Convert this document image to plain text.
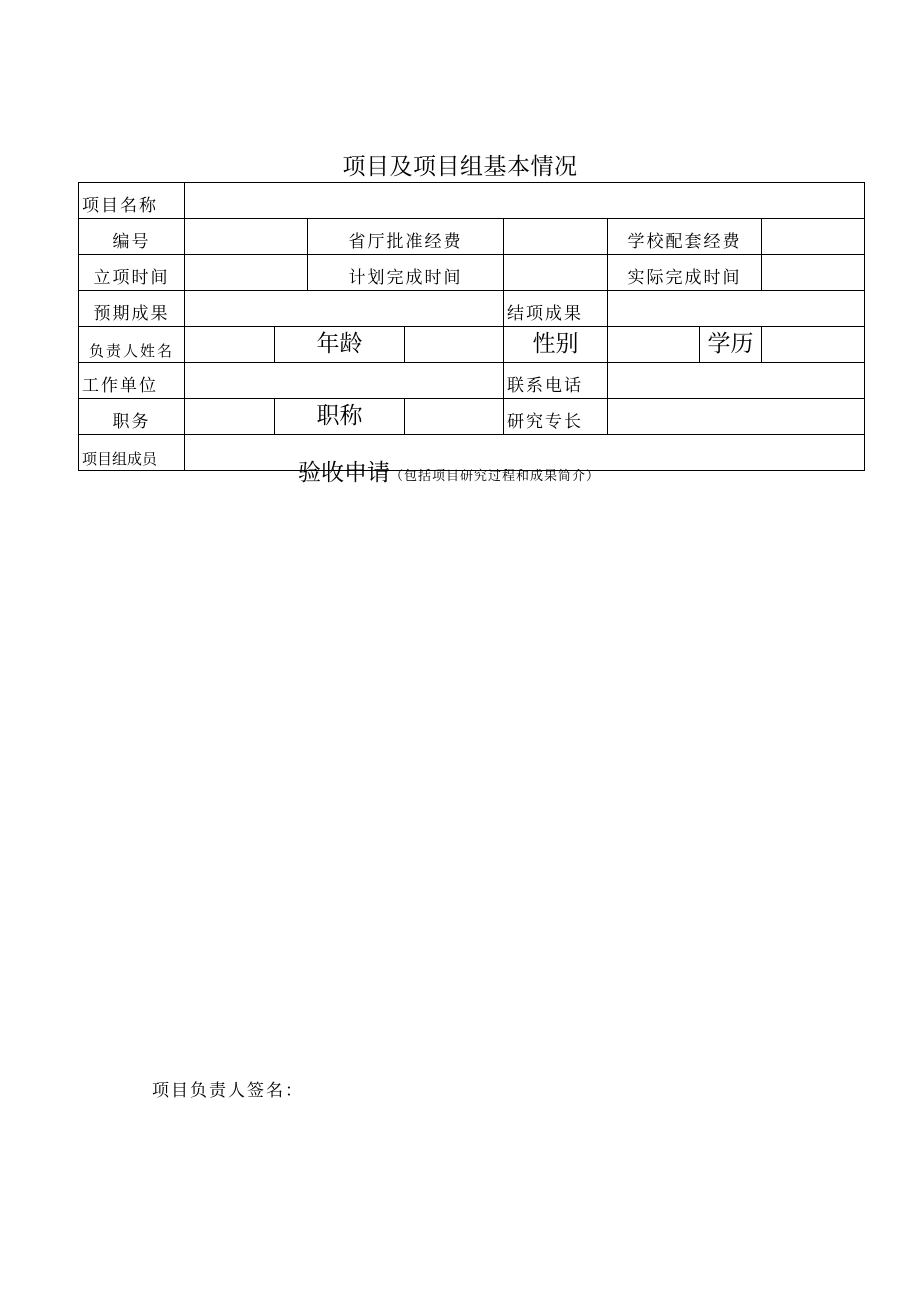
项目及项目组基本情况
项目名称								
编号			省厅批准经费			学校配套经费		
立项时间			计划完成时间			实际完成时间		
预期成果					结项成果			
负责人姓名		年龄			性别		学历	
工作单位					联系电话			
职务		职称			研究专长			
项目组成员								
验收申请（包括项目研究过程和成果简介）
项目负责人签名：
